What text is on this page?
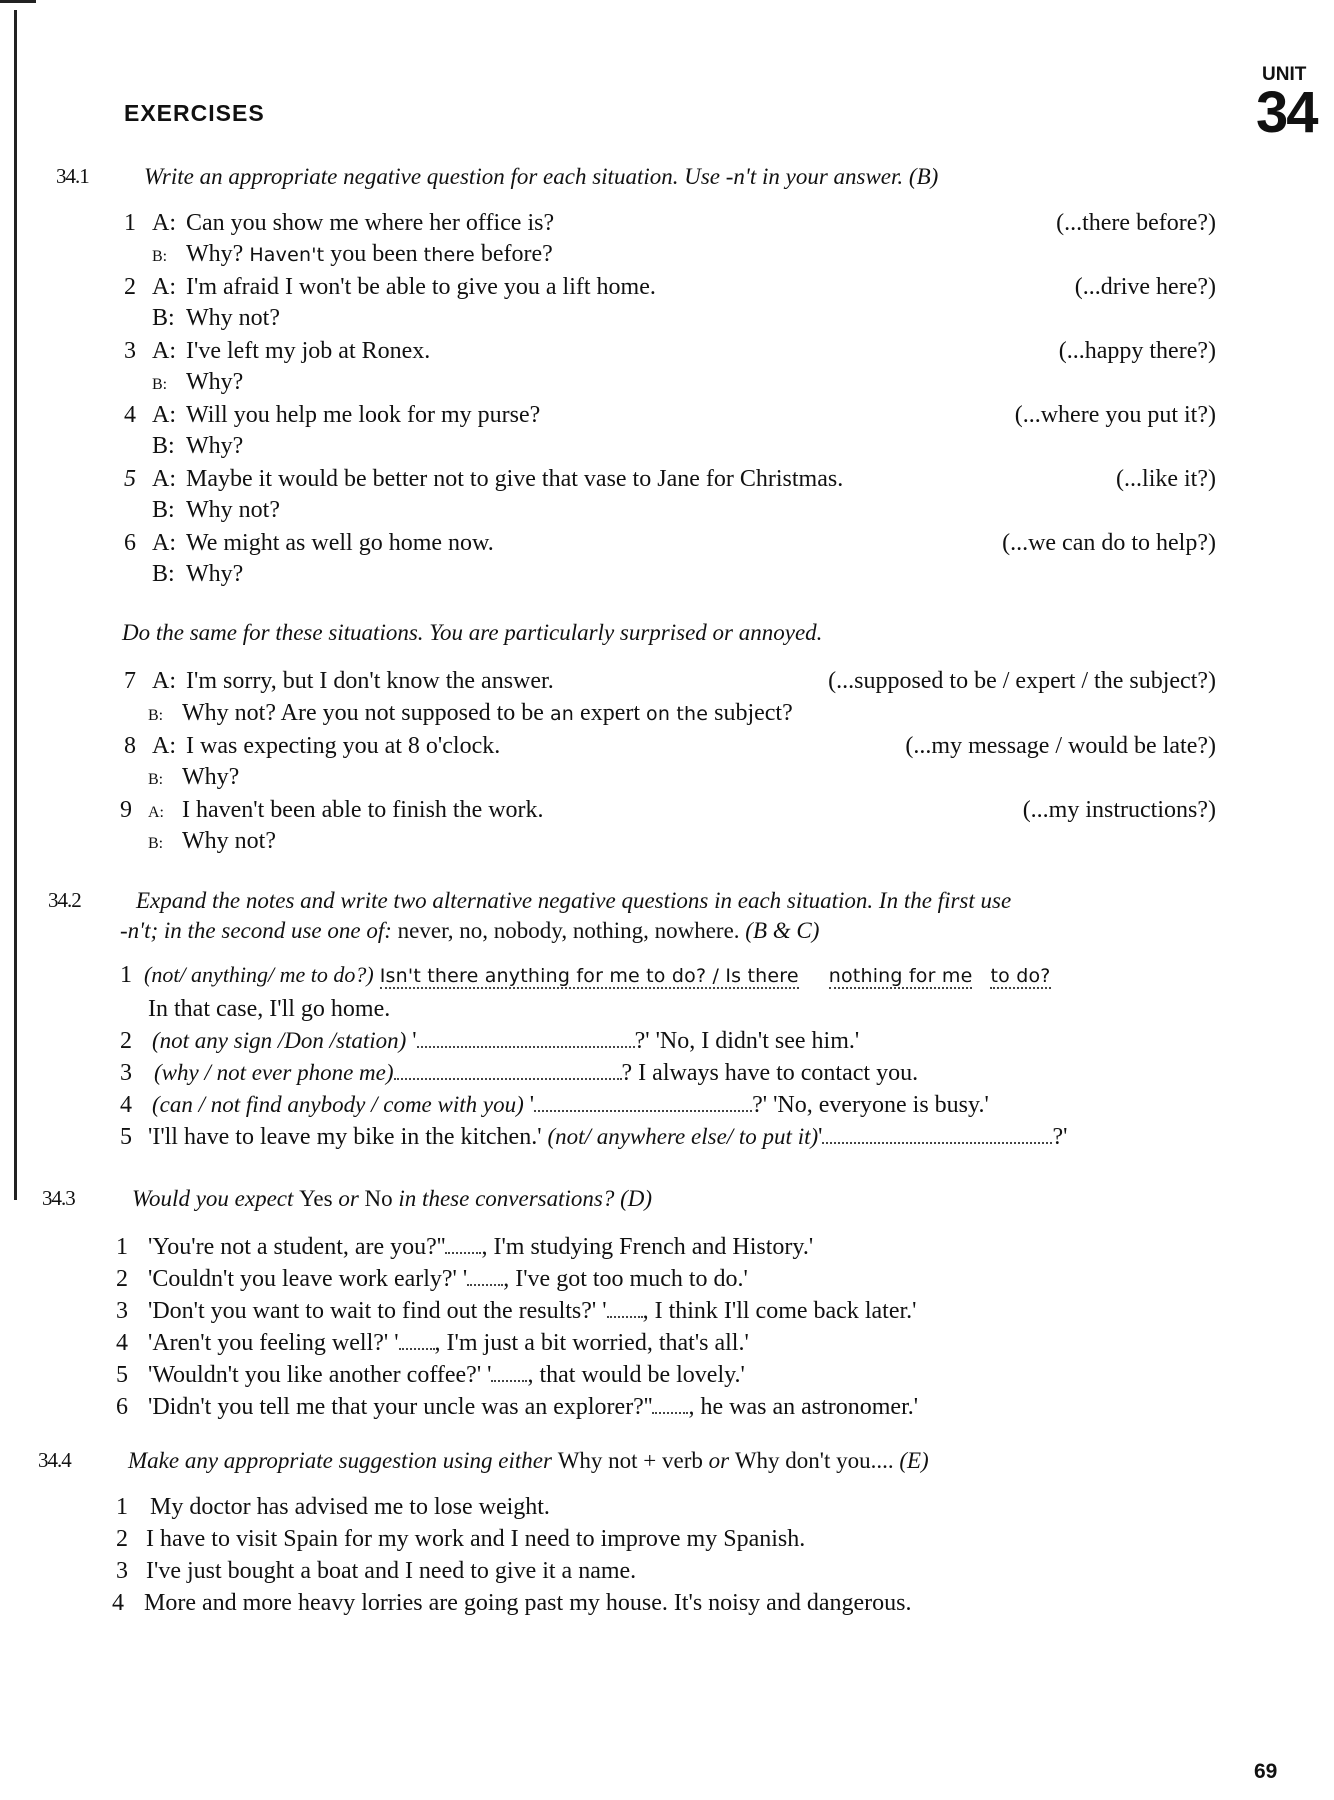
EXERCISES
UNIT
34
34.1 Write an appropriate negative question for each situation. Use -n't in your answer. (B)
1 A: Can you show me where her office is?	(...there before?)
B: Why? Haven't you been there before?
2 A: I'm afraid I won't be able to give you a lift home.	(...drive here?)
B: Why not?
3 A: I've left my job at Ronex.	(...happy there?)
B: Why?
4 A: Will you help me look for my purse?	(...where you put it?)
B: Why?
5 A: Maybe it would be better not to give that vase to Jane for Christmas.	(...like it?)
B: Why not?
6 A: We might as well go home now.	(...we can do to help?)
B: Why?
Do the same for these situations. You are particularly surprised or annoyed.
7 A: I'm sorry, but I don't know the answer.	(...supposed to be / expert / the subject?)
B: Why not? Are you not supposed to be an expert on the subject?
8 A: I was expecting you at 8 o'clock.	(...my message / would be late?)
B: Why?
9 A: I haven't been able to finish the work.	(...my instructions?)
B: Why not?
34.2 Expand the notes and write two alternative negative questions in each situation. In the first use
-n't; in the second use one of: never, no, nobody, nothing, nowhere. (B & C)
1 (not/ anything/ me to do?) Isn't there anything for me to do? / Is there nothing for me to do?
In that case, I'll go home.
2 (not any sign /Don /station) '	?' 'No, I didn't see him.'
3 (why / not ever phone me)	? I always have to contact you.
4 (can / not find anybody / come with you) '	?' 'No, everyone is busy.'
5 'I'll have to leave my bike in the kitchen.' (not/ anywhere else/ to put it)'	?'
34.3 Would you expect Yes or No in these conversations? (D)
1 'You're not a student, are you?'' , I'm studying French and History.'
2 'Couldn't you leave work early?' ' , I've got too much to do.'
3 'Don't you want to wait to find out the results?' ' , I think I'll come back later.'
4 'Aren't you feeling well?' ' , I'm just a bit worried, that's all.'
5 'Wouldn't you like another coffee?' ' , that would be lovely.'
6 'Didn't you tell me that your uncle was an explorer?'' , he was an astronomer.'
34.4 Make any appropriate suggestion using either Why not + verb or Why don't you.... (E)
1 My doctor has advised me to lose weight.
2 I have to visit Spain for my work and I need to improve my Spanish.
3 I've just bought a boat and I need to give it a name.
4 More and more heavy lorries are going past my house. It's noisy and dangerous.
69
